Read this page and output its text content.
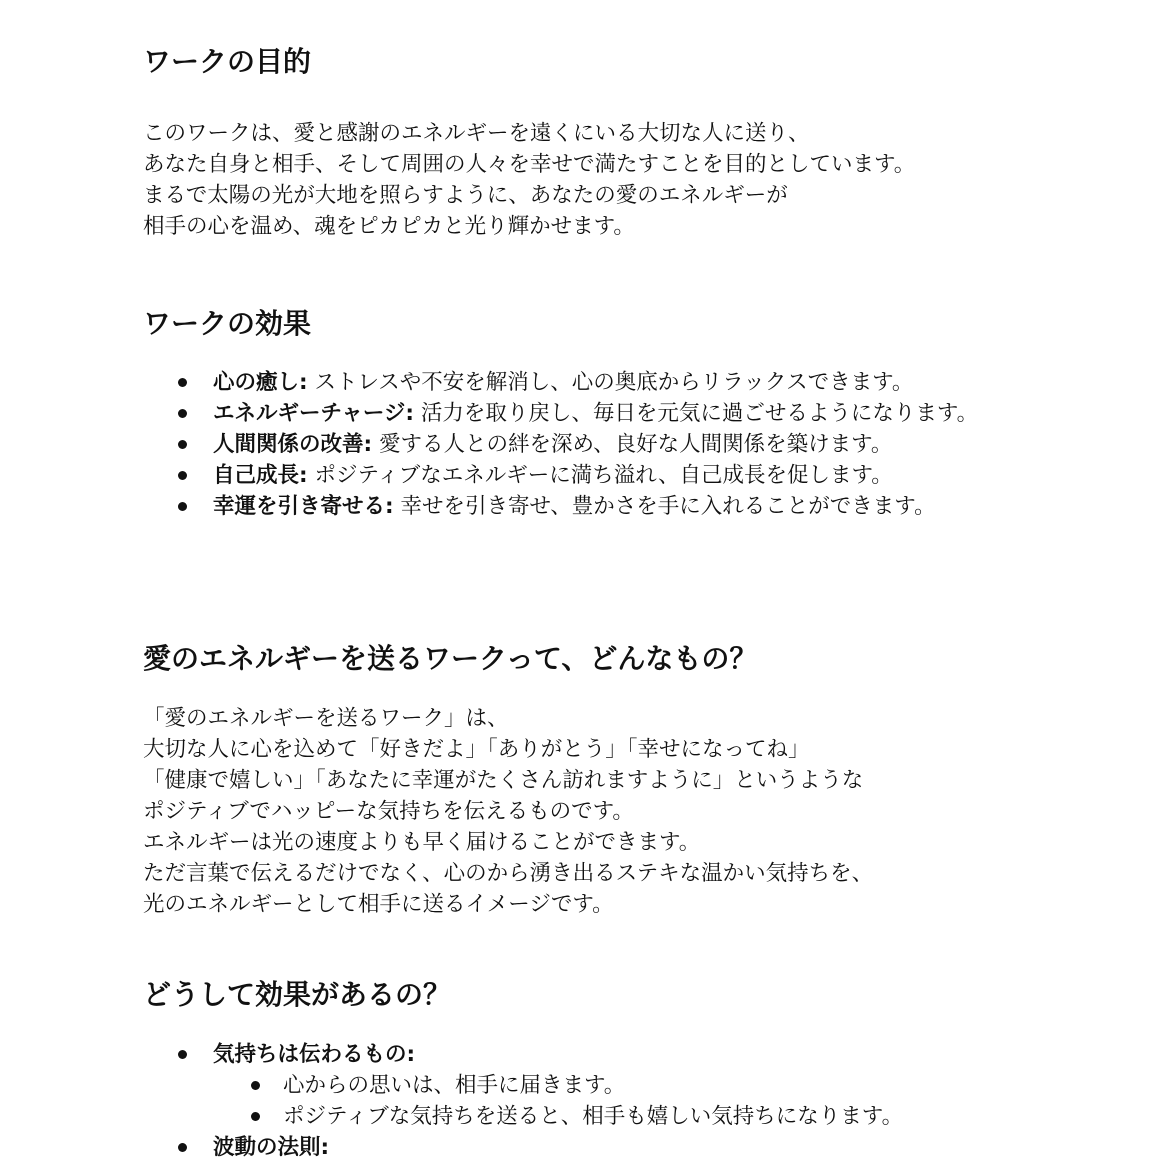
ワークの目的
このワークは、愛と感謝のエネルギーを遠くにいる大切な人に送り、
あなた自身と相手、そして周囲の人々を幸せで満たすことを目的としています。
まるで太陽の光が大地を照らすように、あなたの愛のエネルギーが
相手の心を温め、魂をピカピカと光り輝かせます。
ワークの効果
心の癒し: ストレスや不安を解消し、心の奥底からリラックスできます。
エネルギーチャージ: 活力を取り戻し、毎日を元気に過ごせるようになります。
人間関係の改善: 愛する人との絆を深め、良好な人間関係を築けます。
自己成長: ポジティブなエネルギーに満ち溢れ、自己成長を促します。
幸運を引き寄せる: 幸せを引き寄せ、豊かさを手に入れることができます。
愛のエネルギーを送るワークって、どんなもの？
「愛のエネルギーを送るワーク」は、
大切な人に心を込めて「好きだよ」「ありがとう」「幸せになってね」
「健康で嬉しい」「あなたに幸運がたくさん訪れますように」というような
ポジティブでハッピーな気持ちを伝えるものです。
エネルギーは光の速度よりも早く届けることができます。
ただ言葉で伝えるだけでなく、心のから湧き出るステキな温かい気持ちを、
光のエネルギーとして相手に送るイメージです。
どうして効果があるの？
気持ちは伝わるもの:
心からの思いは、相手に届きます。
ポジティブな気持ちを送ると、相手も嬉しい気持ちになります。
波動の法則:
